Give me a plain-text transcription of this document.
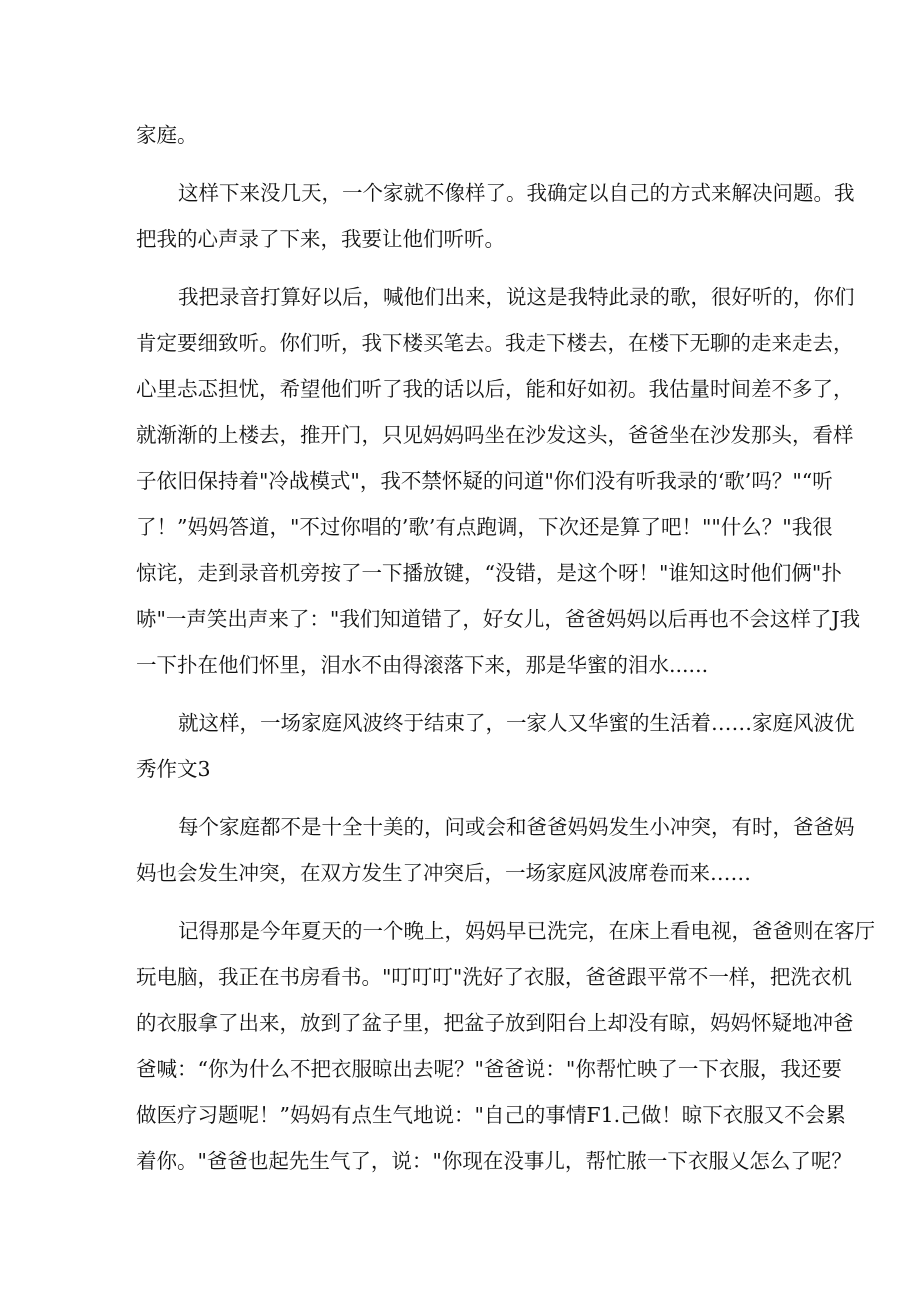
家庭。
这样下来没几天，一个家就不像样了。我确定以自己的方式来解决问题。我
把我的心声录了下来，我要让他们听听。
我把录音打算好以后，喊他们出来，说这是我特此录的歌，很好听的，你们
肯定要细致听。你们听，我下楼买笔去。我走下楼去，在楼下无聊的走来走去，
心里忐忑担忧，希望他们听了我的话以后，能和好如初。我估量时间差不多了，
就渐渐的上楼去，推开门，只见妈妈吗坐在沙发这头，爸爸坐在沙发那头，看样
子依旧保持着"冷战模式"，我不禁怀疑的问道"你们没有听我录的‘歌’吗？"“听
了！”妈妈答道，"不过你唱的’歌’有点跑调，下次还是算了吧！""什么？"我很
惊诧，走到录音机旁按了一下播放键，“没错，是这个呀！"谁知这时他们俩"扑
哧"一声笑出声来了："我们知道错了，好女儿，爸爸妈妈以后再也不会这样了J我
一下扑在他们怀里，泪水不由得滚落下来，那是华蜜的泪水......
就这样，一场家庭风波终于结束了，一家人又华蜜的生活着……家庭风波优
秀作文3
每个家庭都不是十全十美的，问或会和爸爸妈妈发生小冲突，有时，爸爸妈
妈也会发生冲突，在双方发生了冲突后，一场家庭风波席卷而来……
记得那是今年夏天的一个晚上，妈妈早已洗完，在床上看电视，爸爸则在客厅
玩电脑，我正在书房看书。"叮叮叮"洗好了衣服，爸爸跟平常不一样，把洗衣机
的衣服拿了出来，放到了盆子里，把盆子放到阳台上却没有晾，妈妈怀疑地冲爸
爸喊：“你为什么不把衣服晾出去呢？"爸爸说："你帮忙映了一下衣服，我还要
做医疗习题呢！”妈妈有点生气地说："自己的事情F1.己做！晾下衣服又不会累
着你。"爸爸也起先生气了，说："你现在没事儿，帮忙脓一下衣服乂怎么了呢？
